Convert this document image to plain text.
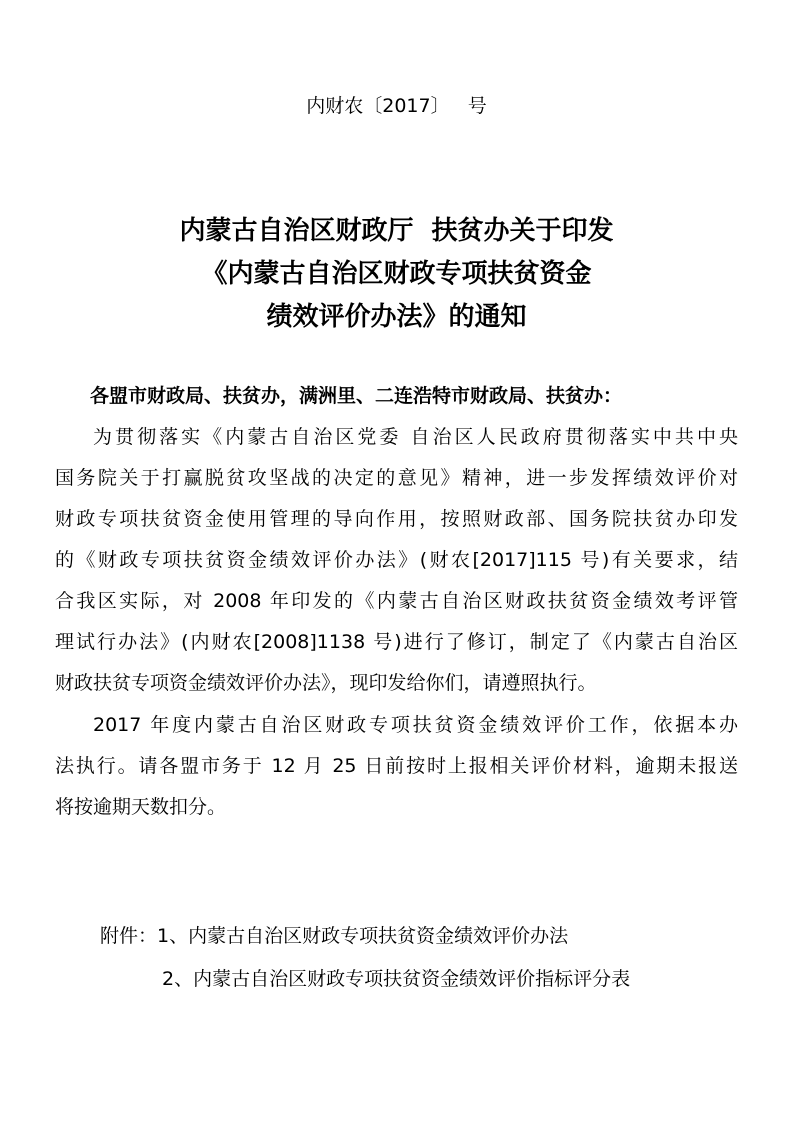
内财农〔2017〕   号
内蒙古自治区财政厅  扶贫办关于印发
《内蒙古自治区财政专项扶贫资金
绩效评价办法》的通知
各盟市财政局、扶贫办，满洲里、二连浩特市财政局、扶贫办：
为贯彻落实《内蒙古自治区党委 自治区人民政府贯彻落实中共中央
国务院关于打赢脱贫攻坚战的决定的意见》精神，进一步发挥绩效评价对
财政专项扶贫资金使用管理的导向作用，按照财政部、国务院扶贫办印发
的《财政专项扶贫资金绩效评价办法》(财农[2017]115 号)有关要求，结
合我区实际，对 2008 年印发的《内蒙古自治区财政扶贫资金绩效考评管
理试行办法》(内财农[2008]1138 号)进行了修订，制定了《内蒙古自治区
财政扶贫专项资金绩效评价办法》，现印发给你们，请遵照执行。
2017 年度内蒙古自治区财政专项扶贫资金绩效评价工作，依据本办
法执行。请各盟市务于 12 月 25 日前按时上报相关评价材料，逾期未报送
将按逾期天数扣分。
附件：1、内蒙古自治区财政专项扶贫资金绩效评价办法
2、内蒙古自治区财政专项扶贫资金绩效评价指标评分表
